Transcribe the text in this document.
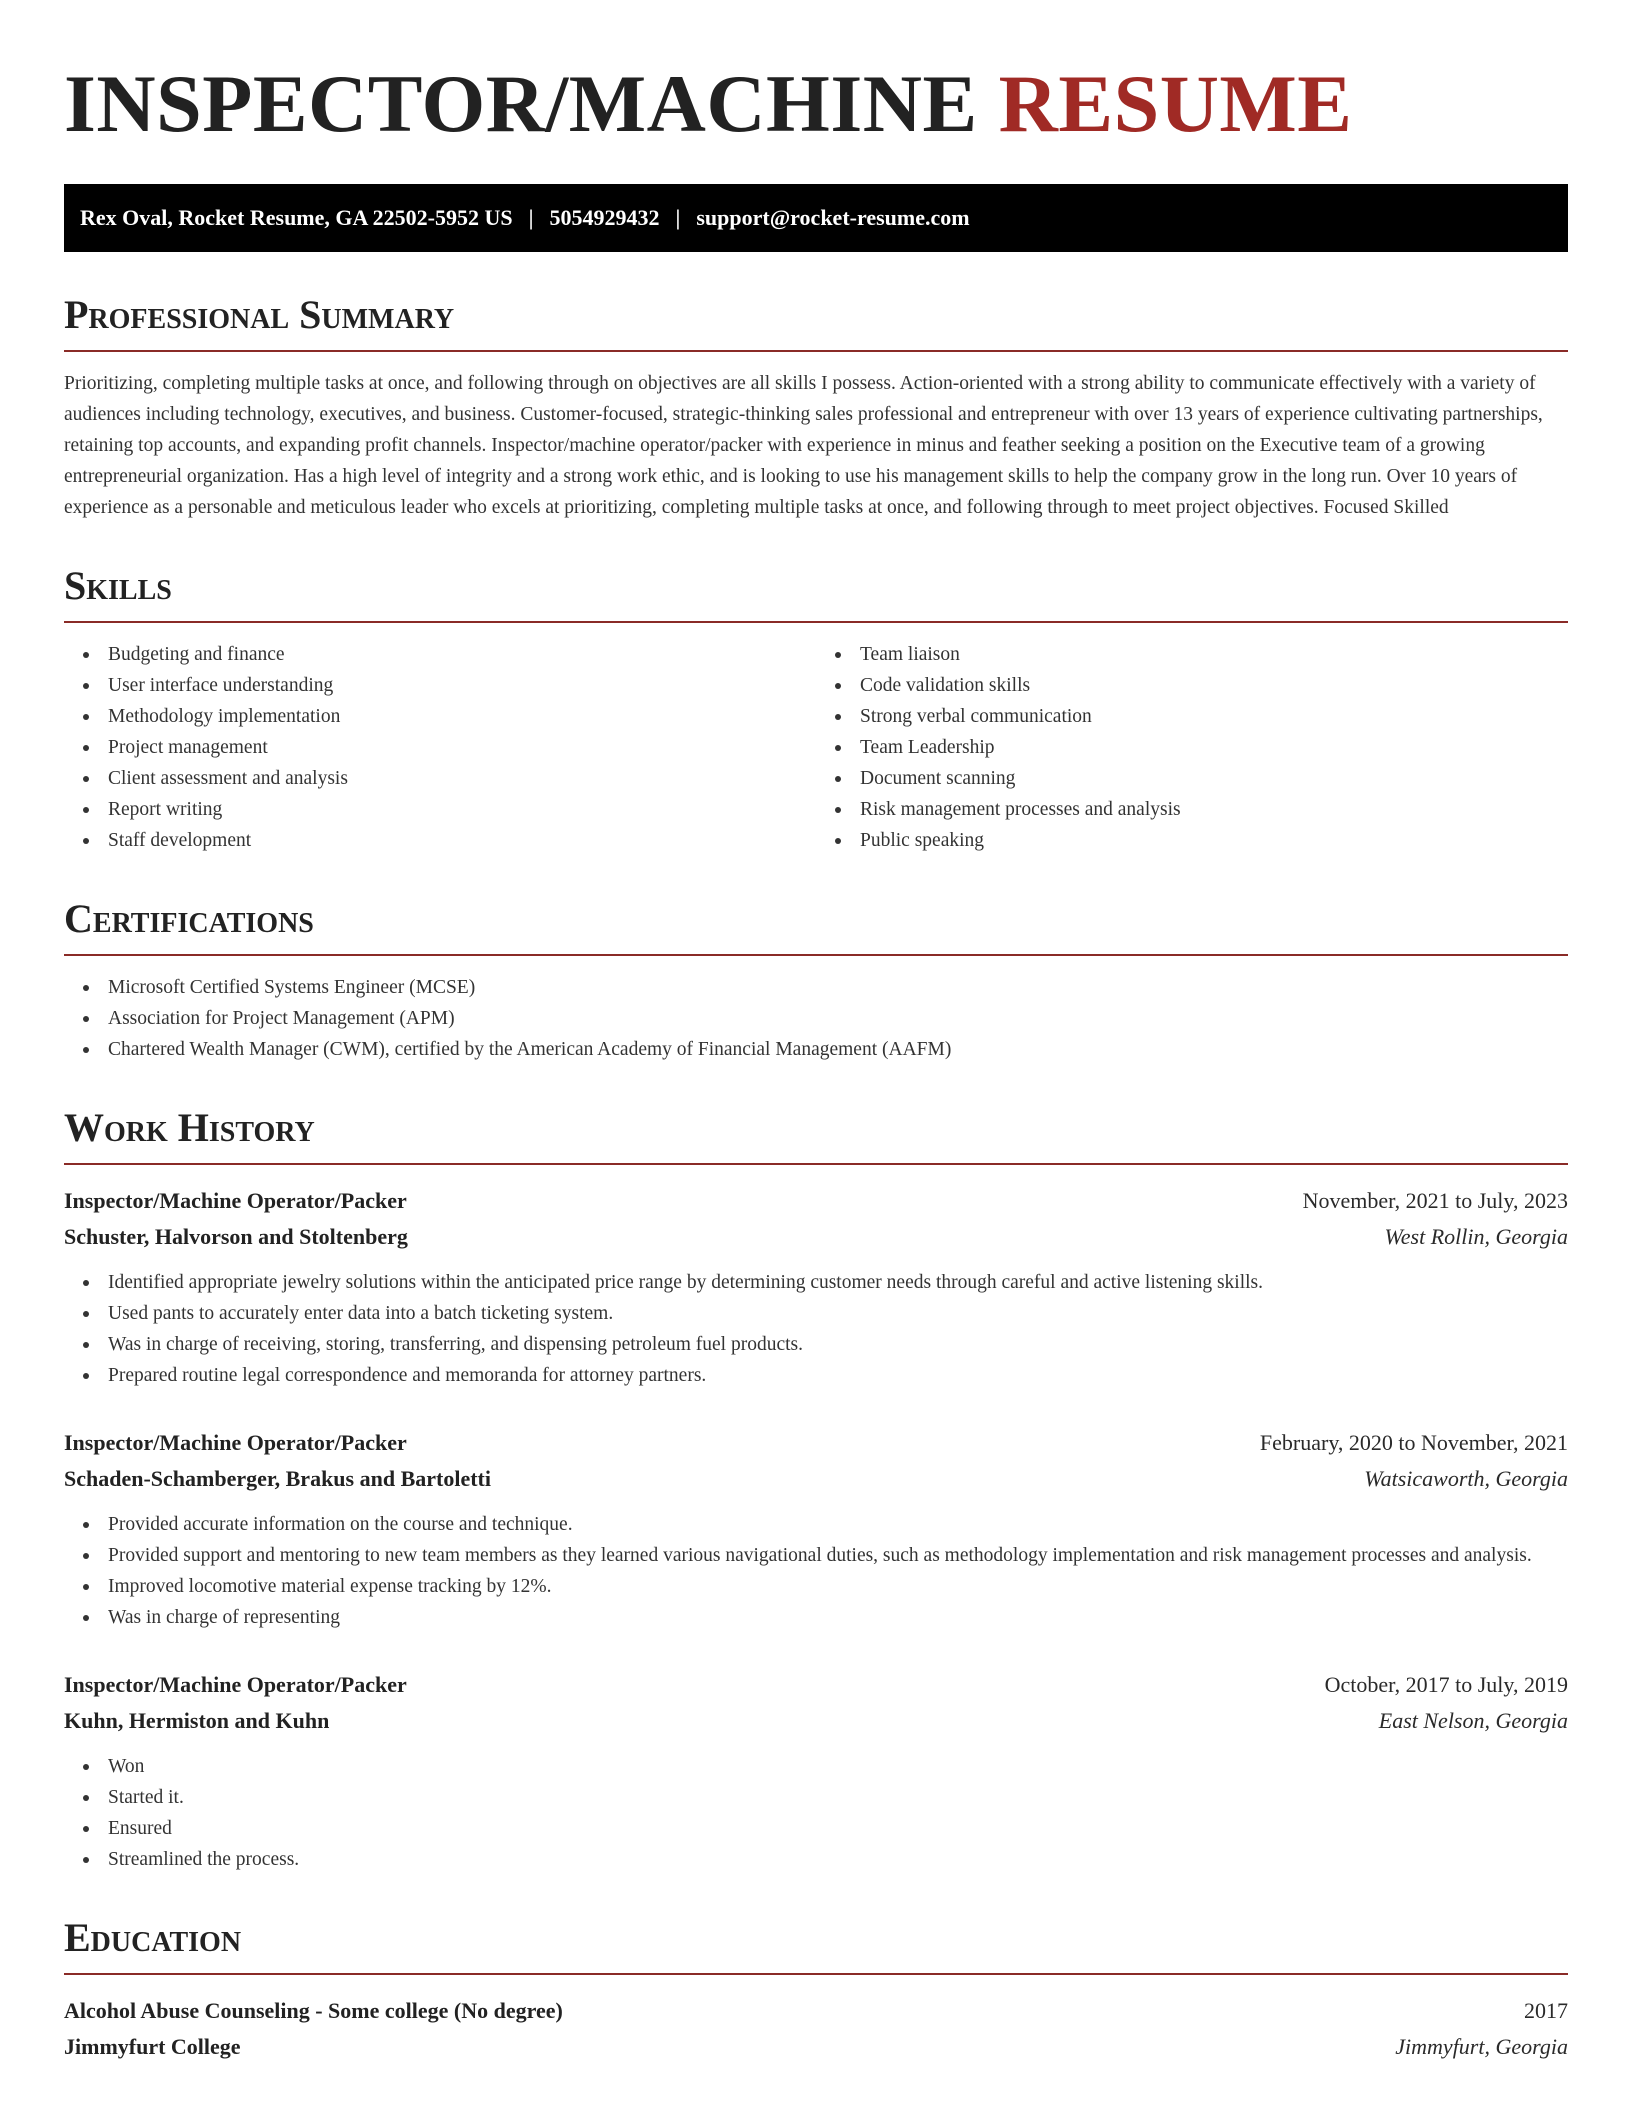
INSPECTOR/MACHINE RESUME
Rex Oval, Rocket Resume, GA 22502-5952 US | 5054929432 | support@rocket-resume.com
Professional Summary

Prioritizing, completing multiple tasks at once, and following through on objectives are all skills I possess. Action-oriented with a strong ability to communicate effectively with a variety of audiences including technology, executives, and business. Customer-focused, strategic-thinking sales professional and entrepreneur with over 13 years of experience cultivating partnerships, retaining top accounts, and expanding profit channels. Inspector/machine operator/packer with experience in minus and feather seeking a position on the Executive team of a growing entrepreneurial organization. Has a high level of integrity and a strong work ethic, and is looking to use his management skills to help the company grow in the long run. Over 10 years of experience as a personable and meticulous leader who excels at prioritizing, completing multiple tasks at once, and following through to meet project objectives. Focused Skilled

Skills
Budgeting and finance
User interface understanding
Methodology implementation
Project management
Client assessment and analysis
Report writing
Staff development
Team liaison
Code validation skills
Strong verbal communication
Team Leadership
Document scanning
Risk management processes and analysis
Public speaking
Certifications
Microsoft Certified Systems Engineer (MCSE)
Association for Project Management (APM)
Chartered Wealth Manager (CWM), certified by the American Academy of Financial Management (AAFM)
Work History
Inspector/Machine Operator/Packer	November, 2021 to July, 2023
Schuster, Halvorson and Stoltenberg	West Rollin, Georgia
Identified appropriate jewelry solutions within the anticipated price range by determining customer needs through careful and active listening skills.
Used pants to accurately enter data into a batch ticketing system.
Was in charge of receiving, storing, transferring, and dispensing petroleum fuel products.
Prepared routine legal correspondence and memoranda for attorney partners.
Inspector/Machine Operator/Packer	February, 2020 to November, 2021
Schaden-Schamberger, Brakus and Bartoletti	Watsicaworth, Georgia
Provided accurate information on the course and technique.
Provided support and mentoring to new team members as they learned various navigational duties, such as methodology implementation and risk management processes and analysis.
Improved locomotive material expense tracking by 12%.
Was in charge of representing
Inspector/Machine Operator/Packer	October, 2017 to July, 2019
Kuhn, Hermiston and Kuhn	East Nelson, Georgia
Won
Started it.
Ensured
Streamlined the process.
Education
Alcohol Abuse Counseling - Some college (No degree)	2017
Jimmyfurt College	Jimmyfurt, Georgia
